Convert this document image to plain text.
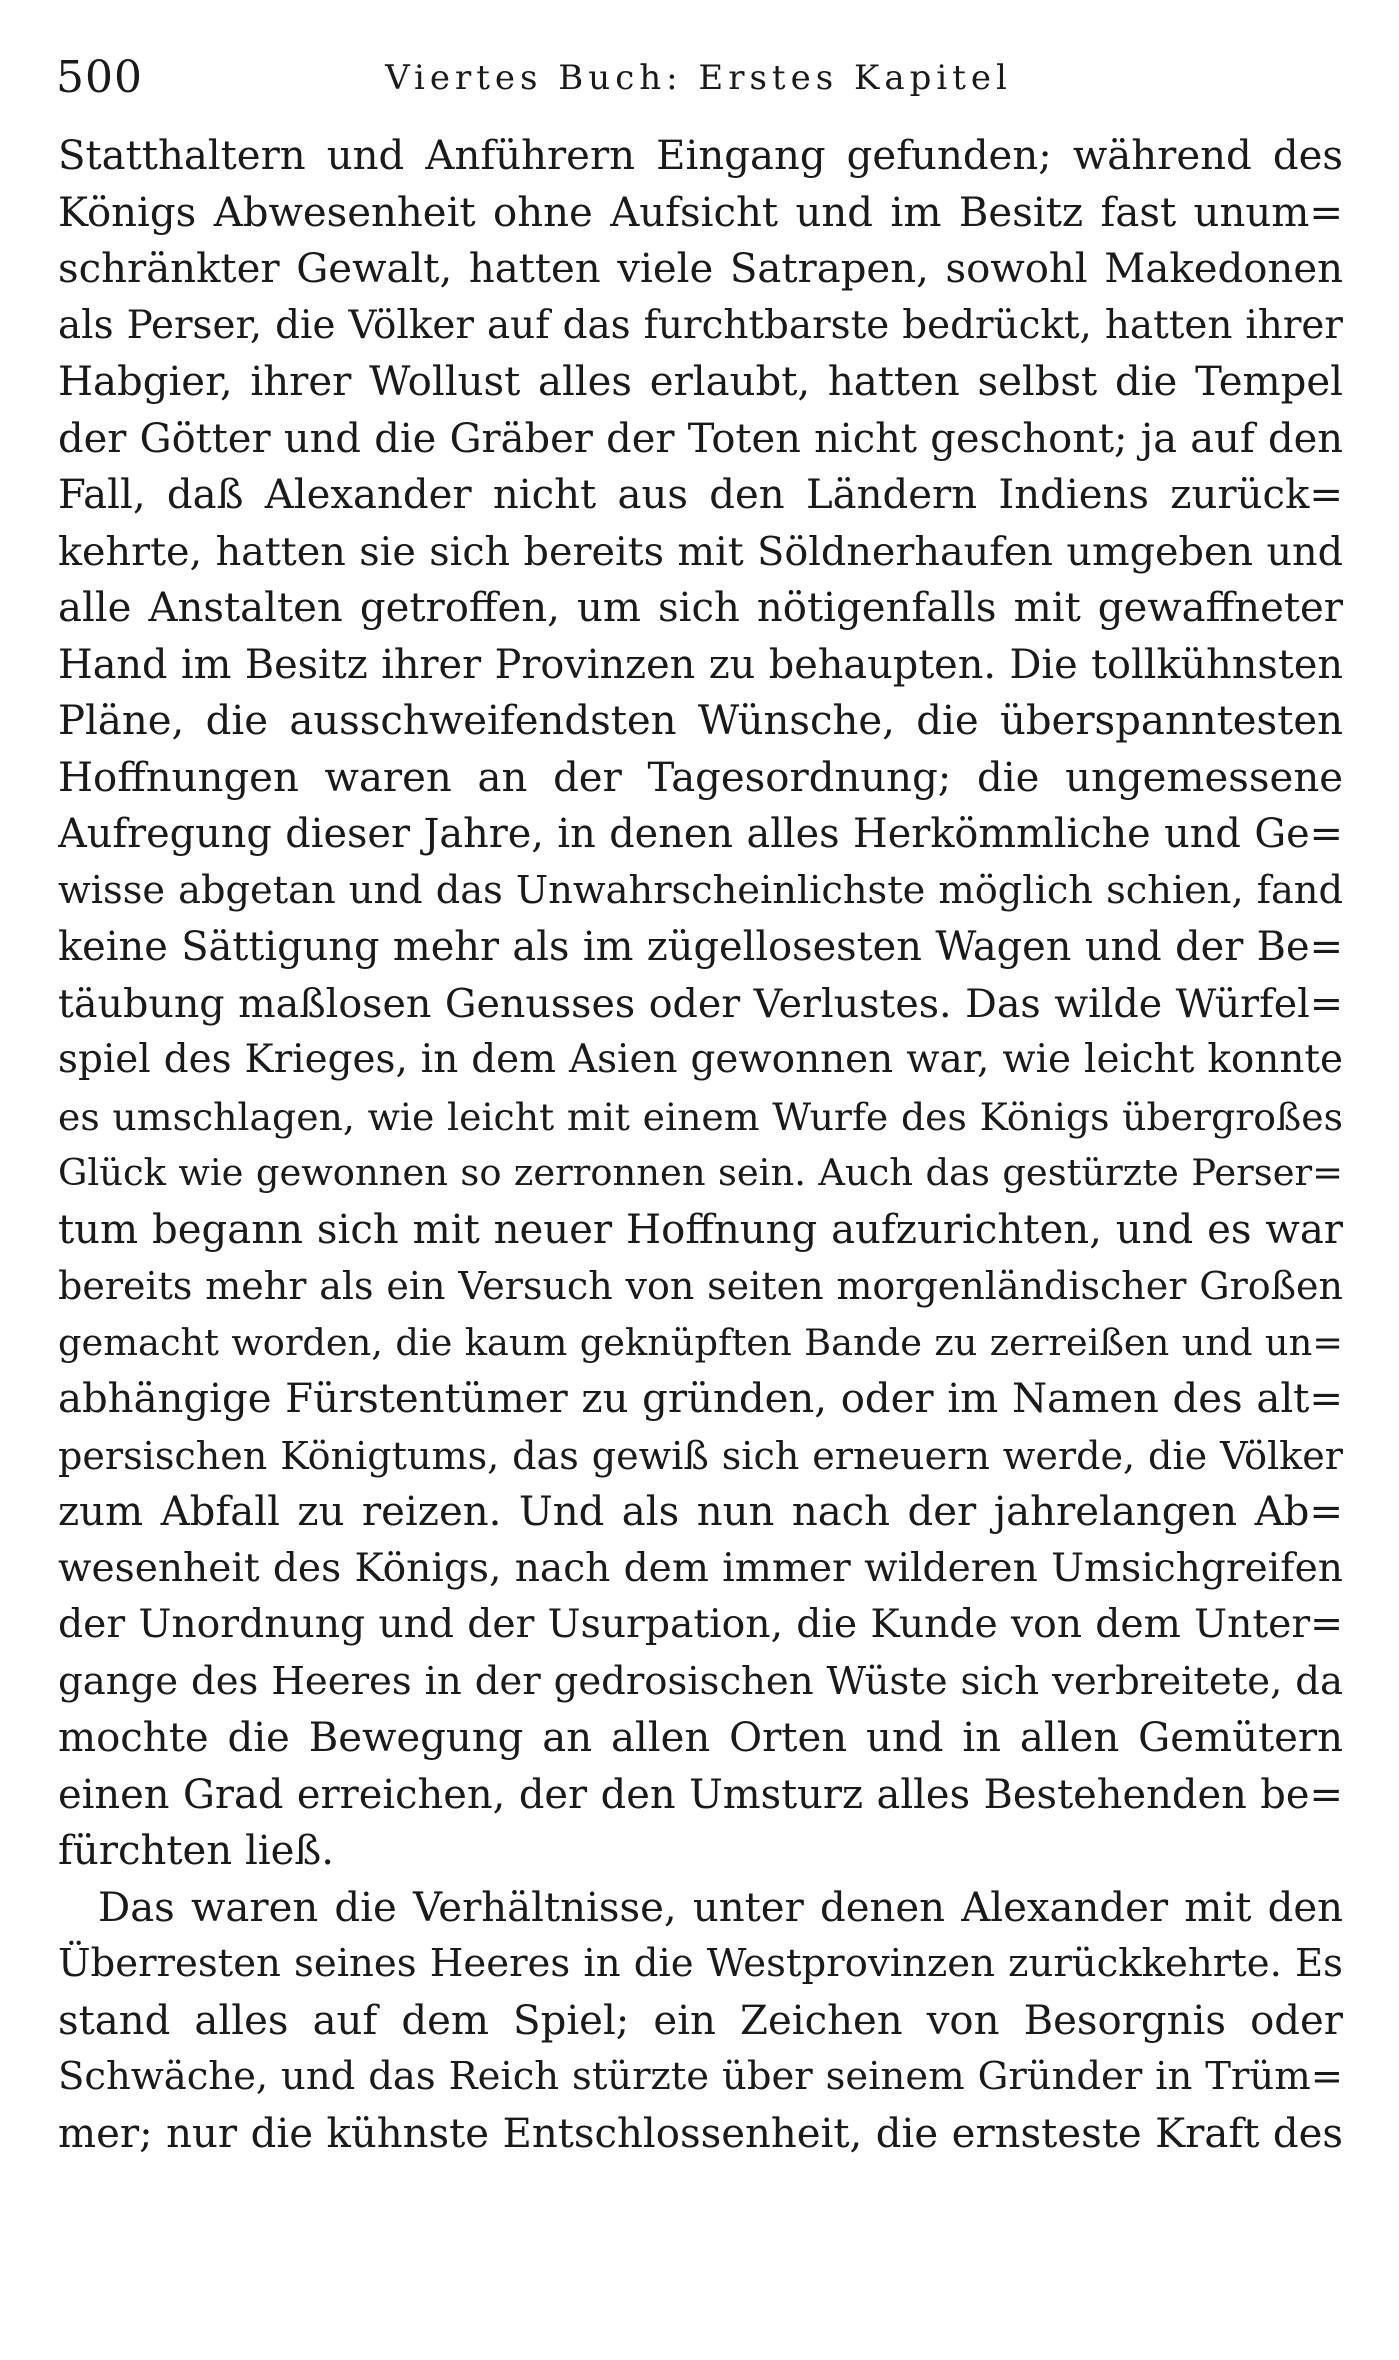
500	Viertes Buch: Erstes Kapitel
Statthaltern und Anführern Eingang gefunden; während des
Königs Abwesenheit ohne Aufsicht und im Besitz fast unum=
schränkter Gewalt, hatten viele Satrapen, sowohl Makedonen
als Perser, die Völker auf das furchtbarste bedrückt, hatten ihrer
Habgier, ihrer Wollust alles erlaubt, hatten selbst die Tempel
der Götter und die Gräber der Toten nicht geschont; ja auf den
Fall, daß Alexander nicht aus den Ländern Indiens zurück=
kehrte, hatten sie sich bereits mit Söldnerhaufen umgeben und
alle Anstalten getroffen, um sich nötigenfalls mit gewaffneter
Hand im Besitz ihrer Provinzen zu behaupten. Die tollkühnsten
Pläne, die ausschweifendsten Wünsche, die überspanntesten
Hoffnungen waren an der Tagesordnung; die ungemessene
Aufregung dieser Jahre, in denen alles Herkömmliche und Ge=
wisse abgetan und das Unwahrscheinlichste möglich schien, fand
keine Sättigung mehr als im zügellosesten Wagen und der Be=
täubung maßlosen Genusses oder Verlustes. Das wilde Würfel=
spiel des Krieges, in dem Asien gewonnen war, wie leicht konnte
es umschlagen, wie leicht mit einem Wurfe des Königs übergroßes
Glück wie gewonnen so zerronnen sein. Auch das gestürzte Perser=
tum begann sich mit neuer Hoffnung aufzurichten, und es war
bereits mehr als ein Versuch von seiten morgenländischer Großen
gemacht worden, die kaum geknüpften Bande zu zerreißen und un=
abhängige Fürstentümer zu gründen, oder im Namen des alt=
persischen Königtums, das gewiß sich erneuern werde, die Völker
zum Abfall zu reizen. Und als nun nach der jahrelangen Ab=
wesenheit des Königs, nach dem immer wilderen Umsichgreifen
der Unordnung und der Usurpation, die Kunde von dem Unter=
gange des Heeres in der gedrosischen Wüste sich verbreitete, da
mochte die Bewegung an allen Orten und in allen Gemütern
einen Grad erreichen, der den Umsturz alles Bestehenden be=
fürchten ließ.
Das waren die Verhältnisse, unter denen Alexander mit den
Überresten seines Heeres in die Westprovinzen zurückkehrte. Es
stand alles auf dem Spiel; ein Zeichen von Besorgnis oder
Schwäche, und das Reich stürzte über seinem Gründer in Trüm=
mer; nur die kühnste Entschlossenheit, die ernsteste Kraft des
